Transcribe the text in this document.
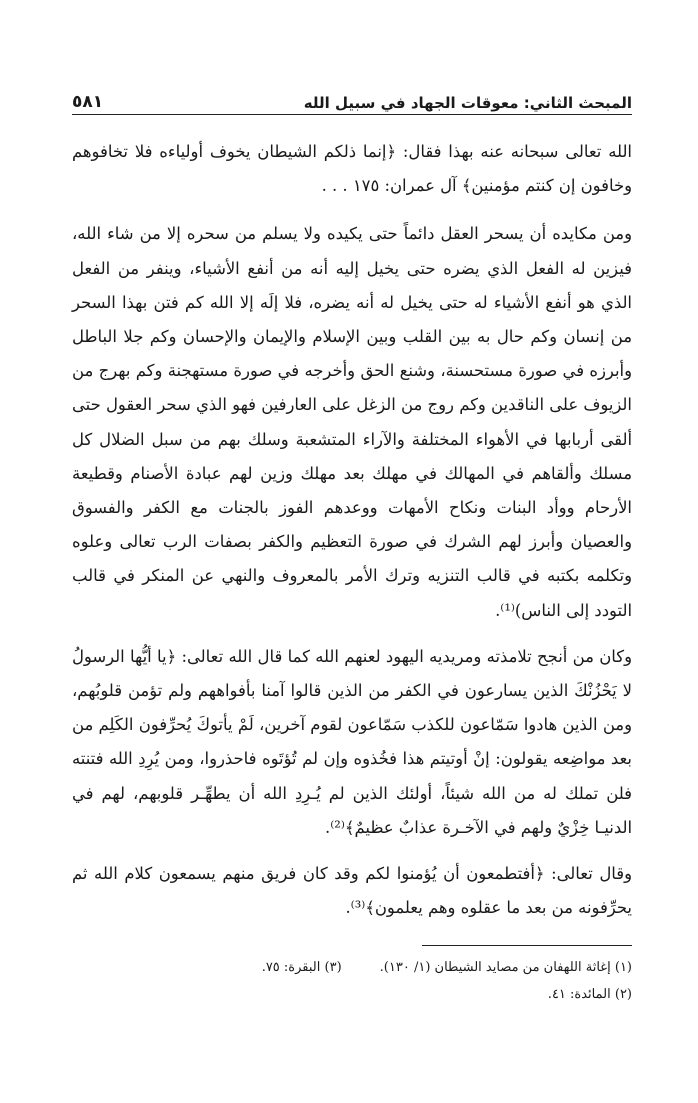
المبحث الثاني: معوقات الجهاد في سبيل الله
٥٨١

الله تعالى سبحانه عنه بهذا فقال: ﴿إنما ذلكم الشيطان يخوف أولياءه فلا تخافوهم وخافون إن كنتم مؤمنين﴾ آل عمران: ١٧٥ . . .

ومن مكايده أن يسحر العقل دائماً حتى يكيده ولا يسلم من سحره إلا من شاء الله، فيزين له الفعل الذي يضره حتى يخيل إليه أنه من أنفع الأشياء، وينفر من الفعل الذي هو أنفع الأشياء له حتى يخيل له أنه يضره، فلا إلَه إلا الله كم فتن بهذا السحر من إنسان وكم حال به بين القلب وبين الإسلام والإيمان والإحسان وكم جلا الباطل وأبرزه في صورة مستحسنة، وشنع الحق وأخرجه في صورة مستهجنة وكم بهرج من الزيوف على الناقدين وكم روج من الزغل على العارفين فهو الذي سحر العقول حتى ألقى أربابها في الأهواء المختلفة والآراء المتشعبة وسلك بهم من سبل الضلال كل مسلك وألقاهم في المهالك في مهلك بعد مهلك وزين لهم عبادة الأصنام وقطيعة الأرحام ووأد البنات ونكاح الأمهات ووعدهم الفوز بالجنات مع الكفر والفسوق والعصيان وأبرز لهم الشرك في صورة التعظيم والكفر بصفات الرب تعالى وعلوه وتكلمه بكتبه في قالب التنزيه وترك الأمر بالمعروف والنهي عن المنكر في قالب التودد إلى الناس)⁽¹⁾.

وكان من أنجح تلامذته ومريديه اليهود لعنهم الله كما قال الله تعالى: ﴿يا أيُّها الرسولُ لا يَحْزُنْكَ الذين يسارعون في الكفر من الذين قالوا آمنا بأفواههم ولم تؤمن قلوبُهم، ومن الذين هادوا سَمّاعون للكذب سَمّاعون لقوم آخرين، لَمْ يأتوكَ يُحرِّفون الكَلِم من بعد مواضِعه يقولون: إنْ أوتيتم هذا فخُذوه وإن لم تُؤتَوه فاحذروا، ومن يُرِدِ الله فتنته فلن تملك له من الله شيئاً، أولئك الذين لم يُـرِدِ الله أن يطهِّـر قلوبهم، لهم في الدنيـا خِزْيٌ ولهم في الآخـرة عذابٌ عظيمٌ﴾⁽²⁾.

وقال تعالى: ﴿أفتطمعون أن يُؤمنوا لكم وقد كان فريق منهم يسمعون كلام الله ثم يحرِّفونه من بعد ما عقلوه وهم يعلمون﴾⁽³⁾.

(١) إغاثة اللهفان من مصايد الشيطان (١/ ١٣٠).
(٣) البقرة: ٧٥.
(٢) المائدة: ٤١.
